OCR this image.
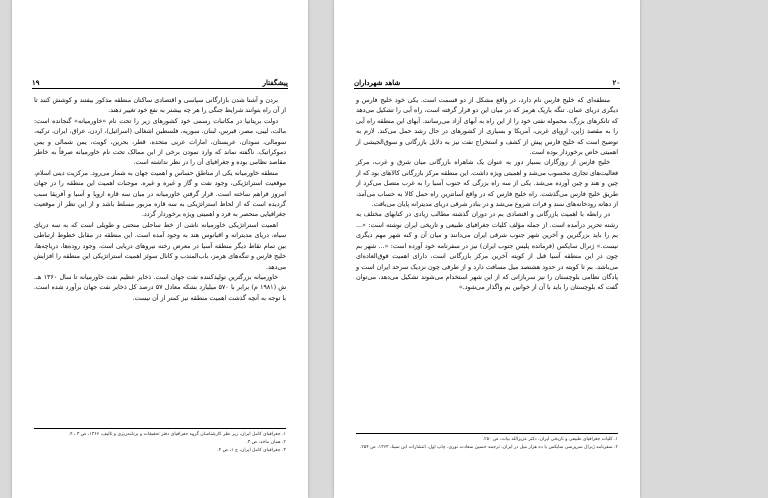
۱۹	پیشگفتار

بردن و آشنا شدن بازارگانی سیاسی و اقتصادی ساکنان منطقه مذکور بیفتند و کوشش کنند تا از آن راه بتوانند شرایط جنگی را هر چه بیشتر به نفع خود تغییر دهند.

دولت بریتانیا در مکاتبات رسمی خود کشورهای زیر را تحت نام «خاورمیانه» گنجانده است: مالت، لیبی، مصر، قبرس، لبنان، سوریه، فلسطین اشغالی (اسرائیل)، اردن، عراق، ایران، ترکیه، سومالی، سودان، عربستان، امارات عربی متحده، قطر، بحرین، کویت، یمن شمالی و یمن دموکراتیک. ناگفته نماند که وارد نمودن برخی از این ممالک تحت نام خاورمیانه صرفاً به خاطر مقاصد نظامی بوده و جغرافیای آن را در نظر نداشته است.

منطقه خاورمیانه یکی از مناطق حساس و اهمیت جهان به شمار می‌رود. مرکزیت دینی اسلام، موقعیت استراتژیکی، وجود نفت و گاز و غیره و غیره. موجبات اهمیت این منطقه را در جهان امروز فراهم ساخته است. قرار گرفتن خاورمیانه در میان سه قاره اروپا و آسیا و آفریقا سبب گردیده است که از لحاظ استراتژیکی به سه قاره مزبور مسلط باشد و از این نظر از موقعیت جغرافیایی منحصر به فرد و اهمیتی ویژه برخوردار گردد.

اهمیت استراتژیکی خاورمیانه ناشی از خط ساحلی منحنی و طویلی است که به سه دریای سیاه، دریای مدیترانه و اقیانوس هند به وجود آمده است. این منطقه در مقابل خطوط ارتباطی بین تمام نقاط دیگر منطقه آسیا در معرض رخنه نیروهای دریایی است. وجود روده‌ها، دریاچه‌ها، خلیج فارس و تنگه‌های هرمز، باب‌المندب و کانال سوئز اهمیت استراتژیکی این منطقه را افزایش می‌دهد.

خاورمیانه بزرگترین تولیدکننده نفت جهان است. ذخایر عظیم نفت خاورمیانه تا سال ۱۳۶۰ هـ. ش (۱۹۸۱ م) برابر با ۵۷۰ میلیارد بشکه معادل ۵۷ درصد کل ذخایر نفت جهان برآورد شده است. با توجه به آنچه گذشت اهمیت منطقه نیز کمتر از آن نیست.

۱. جغرافیای کامل ایران، زیر نظر کارشناسان گروه جغرافیای دفتر تحقیقات و برنامه‌ریزی و تألیف، ۱۳۶۶، ص ۳ ـ ۴.
۲. همان مأخذ، ص ۳.
۳. جغرافیای کامل ایران، ج ۱، ص ۴.
۲۰
شاهد شهرداران

منطقه‌ای که خلیج فارس نام دارد، در واقع مشکل از دو قسمت است. یکی خود خلیج فارس و دیگری دریای عمان. تنگه باریک هرمز که در میان این دو قرار گرفته است، راه آبی را تشکیل می‌دهد که تانکرهای بزرگ، محموله نفتی خود را از این راه به آبهای آزاد می‌رسانند. آبهای این منطقه راه آبی را به مقصد ژاپن، اروپای غربی، آمریکا و بسیاری از کشورهای در حال رشد حمل می‌کند. لازم به توضیح است که خلیج فارس پیش از کشف و استخراج نفت نیز به دلایل بازرگانی و سوق‌الجیشی از اهمیتی خاص برخوردار بوده است.

خلیج فارس از روزگاران بسیار دور به عنوان یک شاهراه بازرگانی میان شرق و غرب، مرکز فعالیت‌های تجاری محسوب می‌شد و اهمیتی ویژه داشت. این منطقه مرکز بازرگانی کالاهای بود که از چین و هند و چین آورده می‌شد. یکی از سه راه بزرگی که جنوب آسیا را به غرب متصل می‌کرد از طریق خلیج فارس می‌گذشت. راه خلیج فارس که در واقع آسانترین راه حمل کالا به حساب می‌آمد، از دهانه رودخانه‌های سند و فرات شروع می‌شد و در بنادر شرقی دریای مدیترانه پایان می‌یافت.

در رابطه با اهمیت بازرگانی و اقتصادی بم در دوران گذشته مطالب زیادی در کتابهای مختلف به رشته تحریر درآمده است. از جمله مؤلف کلیات جغرافیای طبیعی و تاریخی ایران نوشته است: «... بم را باید بزرگترین و آخرین شهر جنوب شرقی ایران می‌دانند و میان آن و کنه شهر مهم دیگری نیست.» ژنرال سایکس (فرمانده پلیس جنوب ایران) نیز در سفرنامه خود آورده است: «... شهر بم چون در این منطقه آسیا قبل از کویته آخرین مرکز بازرگانی است، دارای اهمیت فوق‌العاده‌ای می‌باشد. بم تا کویته در حدود هشتصد میل مسافت دارد و از طرفی چون نزدیک سرحد ایران است و پادگان نظامی بلوچستان را نیز سربازانی که از این شهر استخدام می‌شوند تشکیل می‌دهد، می‌توان گفت که بلوچستان را باید با آن از خوانین بم واگذار می‌شود.»

۱. کلیات جغرافیای طبیعی و تاریخی ایران، دکتر عزیزالله بیات، ص ۲۵۰.
۲. سفرنامه ژنرال سرپرسی سایکس یا ده هزار میل در ایران، ترجمه حسین سعادت نوری، چاپ اول، انتشارات ابن سینا، ۱۳۶۳، ص ۲۵۴.
